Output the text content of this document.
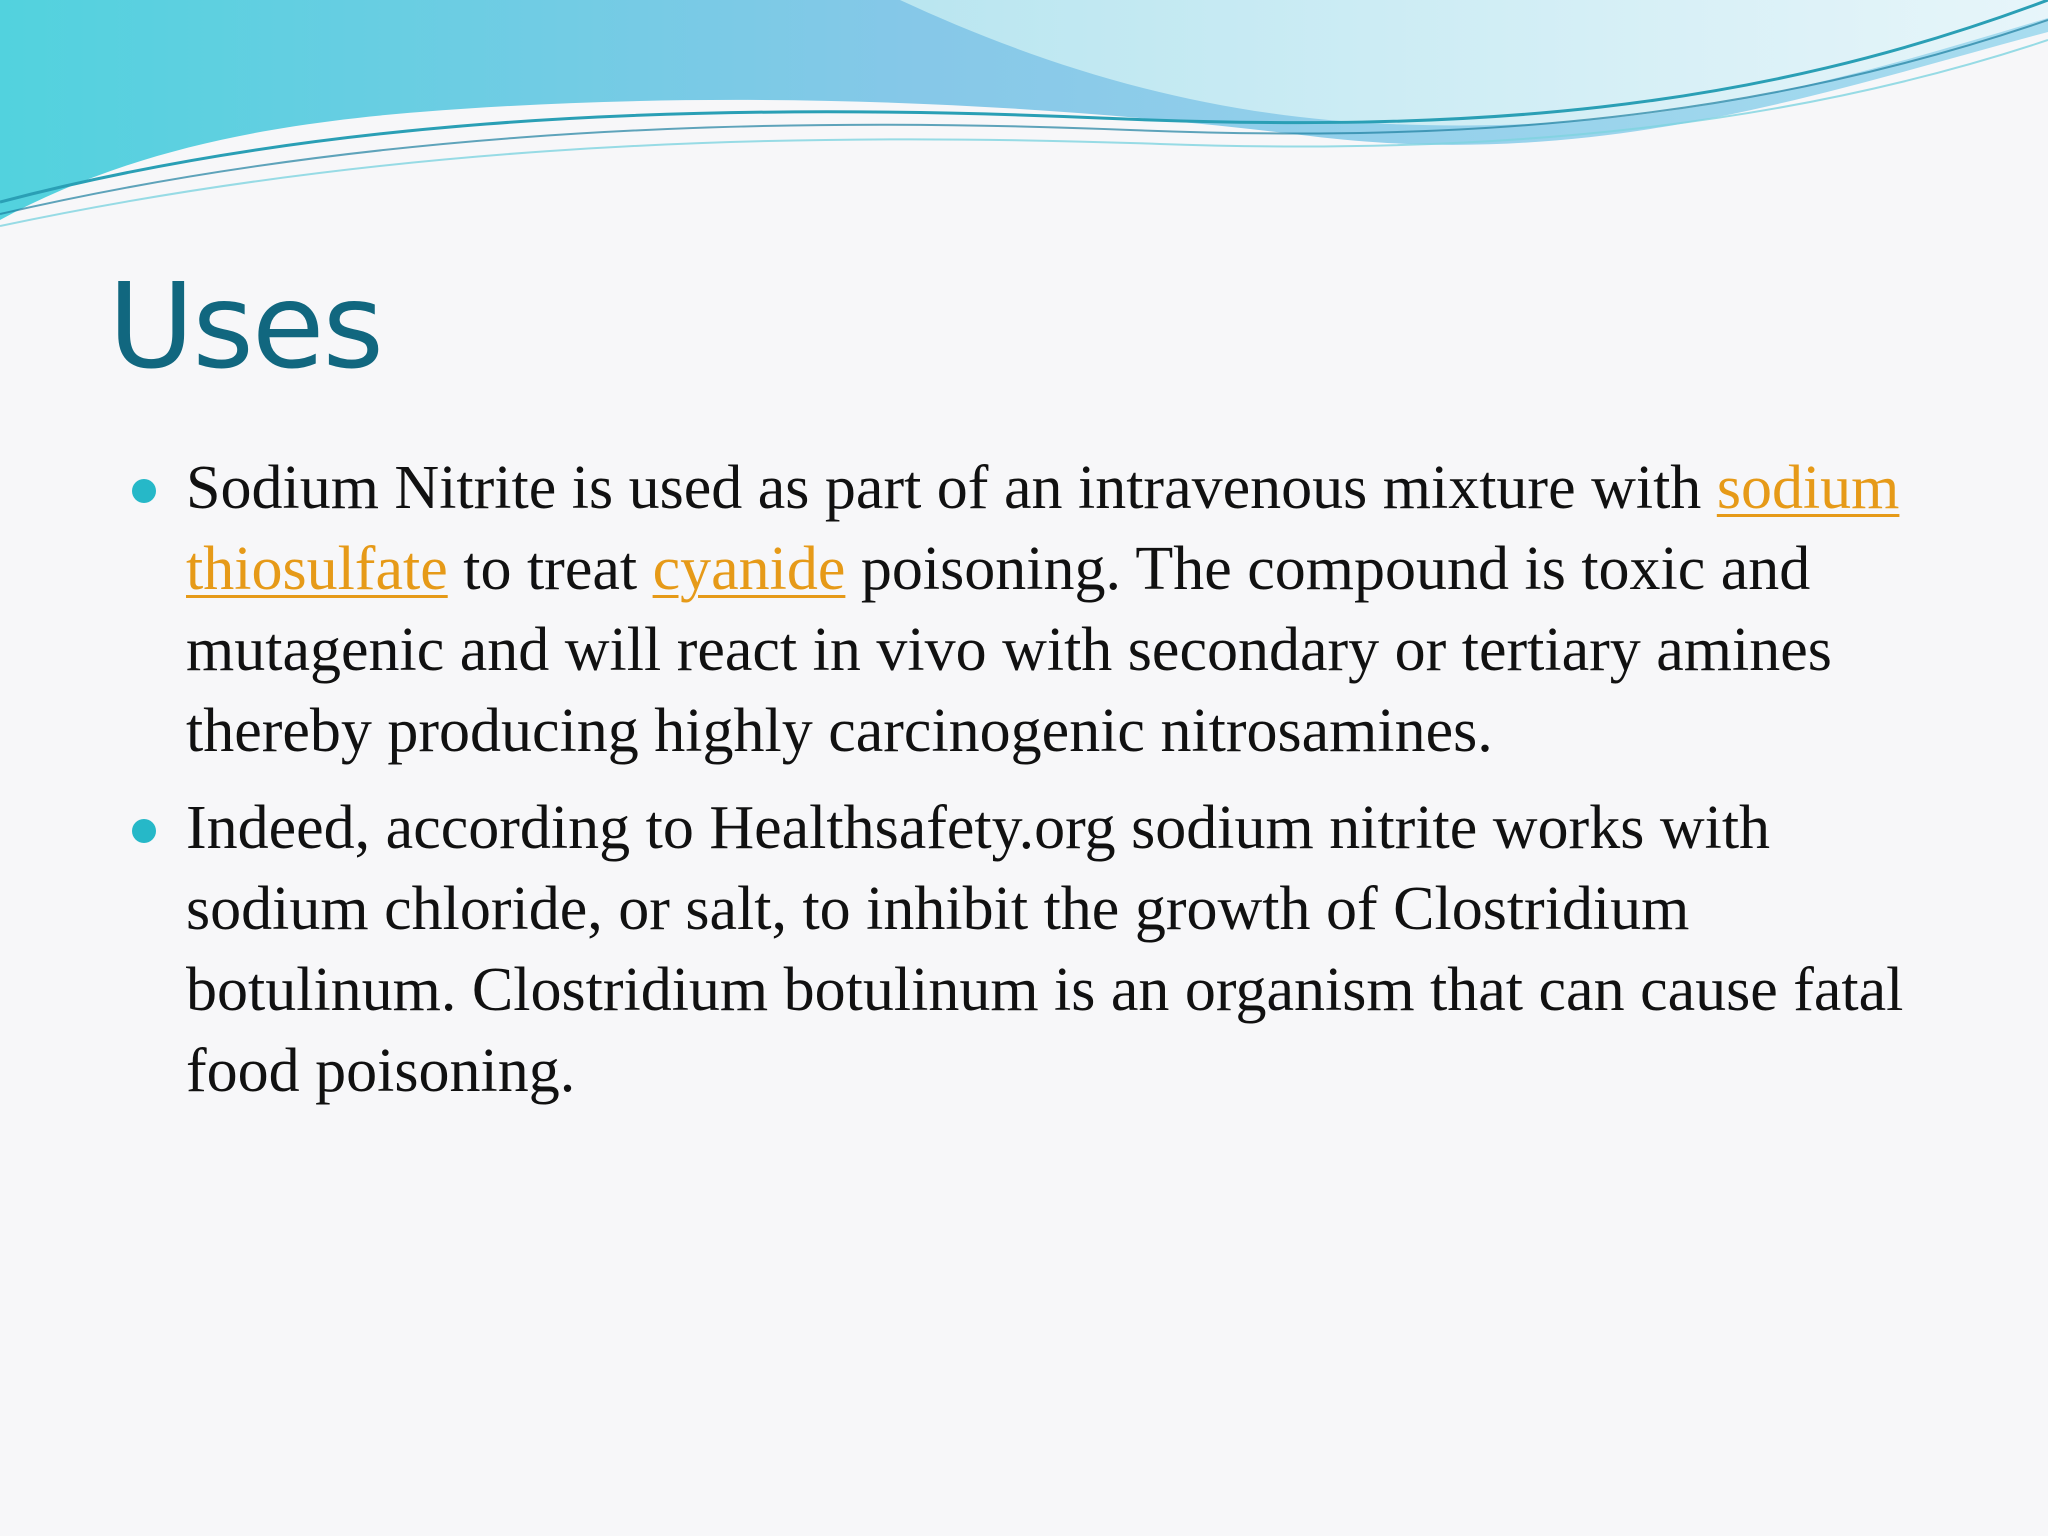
Uses
Sodium Nitrite is used as part of an intravenous mixture with sodium thiosulfate to treat cyanide poisoning. The compound is toxic and mutagenic and will react in vivo with secondary or tertiary amines thereby producing highly carcinogenic nitrosamines.
Indeed, according to Healthsafety.org sodium nitrite works with sodium chloride, or salt, to inhibit the growth of Clostridium botulinum. Clostridium botulinum is an organism that can cause fatal food poisoning.
